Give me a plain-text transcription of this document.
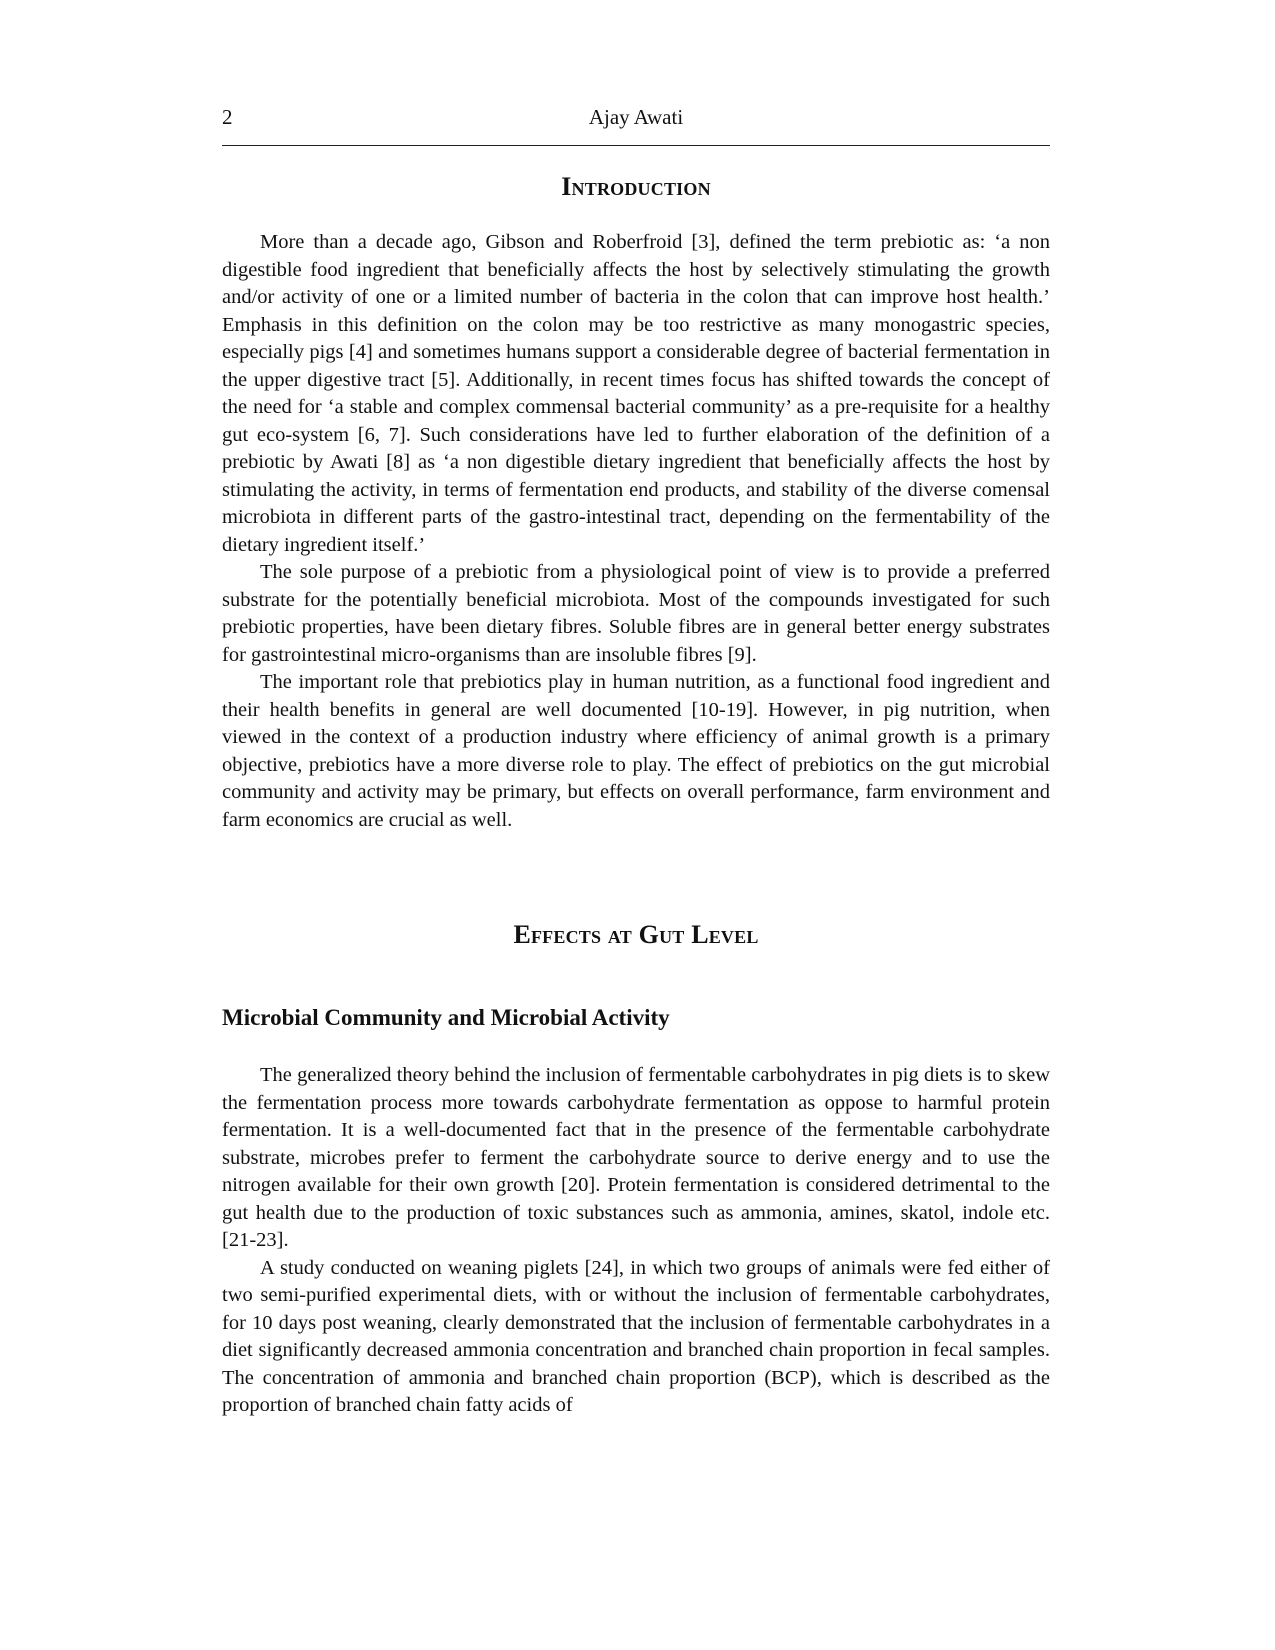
2	Ajay Awati
Introduction

More than a decade ago, Gibson and Roberfroid [3], defined the term prebiotic as: ‘a non digestible food ingredient that beneficially affects the host by selectively stimulating the growth and/or activity of one or a limited number of bacteria in the colon that can improve host health.’ Emphasis in this definition on the colon may be too restrictive as many monogastric species, especially pigs [4] and sometimes humans support a considerable degree of bacterial fermentation in the upper digestive tract [5]. Additionally, in recent times focus has shifted towards the concept of the need for ‘a stable and complex commensal bacterial community’ as a pre-requisite for a healthy gut eco-system [6, 7]. Such considerations have led to further elaboration of the definition of a prebiotic by Awati [8] as ‘a non digestible dietary ingredient that beneficially affects the host by stimulating the activity, in terms of fermentation end products, and stability of the diverse comensal microbiota in different parts of the gastro-intestinal tract, depending on the fermentability of the dietary ingredient itself.’

The sole purpose of a prebiotic from a physiological point of view is to provide a preferred substrate for the potentially beneficial microbiota. Most of the compounds investigated for such prebiotic properties, have been dietary fibres. Soluble fibres are in general better energy substrates for gastrointestinal micro-organisms than are insoluble fibres [9].

The important role that prebiotics play in human nutrition, as a functional food ingredient and their health benefits in general are well documented [10-19]. However, in pig nutrition, when viewed in the context of a production industry where efficiency of animal growth is a primary objective, prebiotics have a more diverse role to play. The effect of prebiotics on the gut microbial community and activity may be primary, but effects on overall performance, farm environment and farm economics are crucial as well.

Effects at Gut Level
Microbial Community and Microbial Activity

The generalized theory behind the inclusion of fermentable carbohydrates in pig diets is to skew the fermentation process more towards carbohydrate fermentation as oppose to harmful protein fermentation. It is a well-documented fact that in the presence of the fermentable carbohydrate substrate, microbes prefer to ferment the carbohydrate source to derive energy and to use the nitrogen available for their own growth [20]. Protein fermentation is considered detrimental to the gut health due to the production of toxic substances such as ammonia, amines, skatol, indole etc. [21-23].

A study conducted on weaning piglets [24], in which two groups of animals were fed either of two semi-purified experimental diets, with or without the inclusion of fermentable carbohydrates, for 10 days post weaning, clearly demonstrated that the inclusion of fermentable carbohydrates in a diet significantly decreased ammonia concentration and branched chain proportion in fecal samples. The concentration of ammonia and branched chain proportion (BCP), which is described as the proportion of branched chain fatty acids of
